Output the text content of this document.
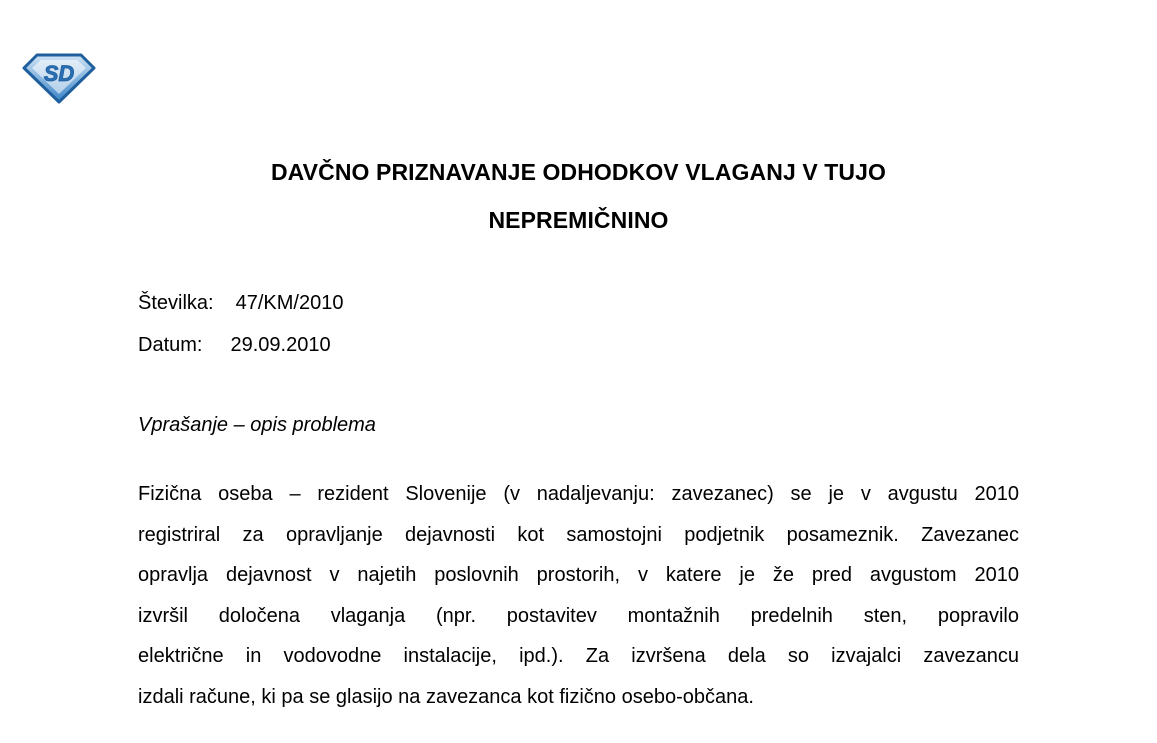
SD
DAVČNO PRIZNAVANJE ODHODKOV VLAGANJ V TUJO
NEPREMIČNINO
Številka: 47/KM/2010
Datum: 29.09.2010
Vprašanje – opis problema
Fizična oseba – rezident Slovenije (v nadaljevanju: zavezanec) se je v avgustu 2010
registriral za opravljanje dejavnosti kot samostojni podjetnik posameznik. Zavezanec
opravlja dejavnost v najetih poslovnih prostorih, v katere je že pred avgustom 2010
izvršil določena vlaganja (npr. postavitev montažnih predelnih sten, popravilo
električne in vodovodne instalacije, ipd.). Za izvršena dela so izvajalci zavezancu
izdali račune, ki pa se glasijo na zavezanca kot fizično osebo-občana.
